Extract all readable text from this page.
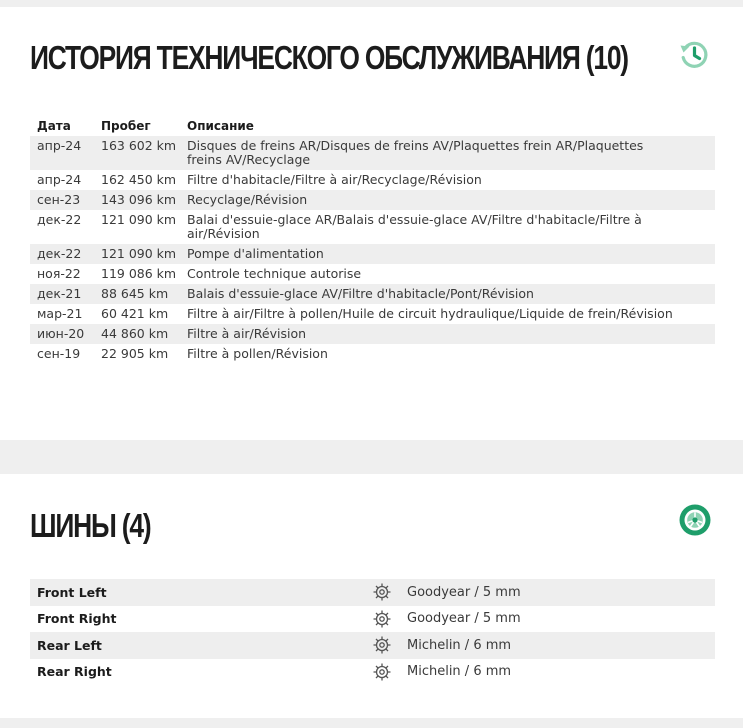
ИСТОРИЯ ТЕХНИЧЕСКОГО ОБСЛУЖИВАНИЯ (10)
Дата	Пробег	Описание
апр-24	163 602 km	Disques de freins AR/Disques de freins AV/Plaquettes frein AR/Plaquettes freins AV/Recyclage
апр-24	162 450 km	Filtre d'habitacle/Filtre à air/Recyclage/Révision
сен-23	143 096 km	Recyclage/Révision
дек-22	121 090 km	Balai d'essuie-glace AR/Balais d'essuie-glace AV/Filtre d'habitacle/Filtre à air/Révision
дек-22	121 090 km	Pompe d'alimentation
ноя-22	119 086 km	Controle technique autorise
дек-21	88 645 km	Balais d'essuie-glace AV/Filtre d'habitacle/Pont/Révision
мар-21	60 421 km	Filtre à air/Filtre à pollen/Huile de circuit hydraulique/Liquide de frein/Révision
июн-20	44 860 km	Filtre à air/Révision
сен-19	22 905 km	Filtre à pollen/Révision
ШИНЫ (4)
Front Left	Goodyear / 5 mm
Front Right	Goodyear / 5 mm
Rear Left	Michelin / 6 mm
Rear Right	Michelin / 6 mm
